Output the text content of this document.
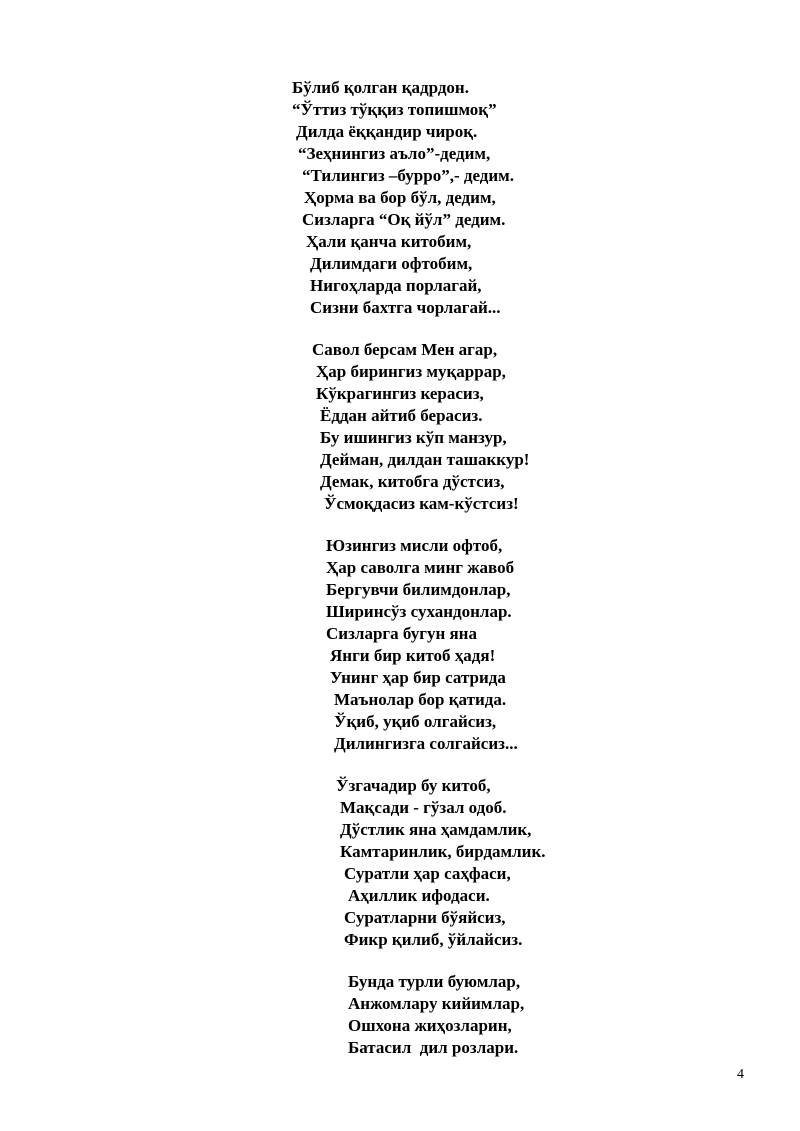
Бўлиб қолган қадрдон.
“Ўттиз тўққиз топишмоқ”
Дилда ёққандир чироқ.
“Зеҳнингиз аъло”-дедим,
“Тилингиз –бурро”,- дедим.
Ҳорма ва бор бўл, дедим,
Сизларга “Оқ йўл” дедим.
Ҳали қанча китобим,
Дилимдаги офтобим,
Нигоҳларда порлагай,
Сизни бахтга чорлагай...
Савол берсам Мен агар,
Ҳар бирингиз муқаррар,
Кўкрагингиз керасиз,
Ёддан айтиб берасиз.
Бу ишингиз кўп манзур,
Дейман, дилдан ташаккур!
Демак, китобга дўстсиз,
Ўсмоқдасиз кам-кўстсиз!
Юзингиз мисли офтоб,
Ҳар саволга минг жавоб
Бергувчи билимдонлар,
Ширинсўз сухандонлар.
Сизларга бугун яна
Янги бир китоб ҳадя!
Унинг ҳар бир сатрида
Маънолар бор қатида.
Ўқиб, уқиб олгайсиз,
Дилингизга солгайсиз...
Ўзгачадир бу китоб,
Мақсади - гўзал одоб.
Дўстлик яна ҳамдамлик,
Камтаринлик, бирдамлик.
Суратли ҳар саҳфаси,
Аҳиллик ифодаси.
Суратларни бўяйсиз,
Фикр қилиб, ўйлайсиз.
Бунда турли буюмлар,
Анжомлару кийимлар,
Ошхона жиҳозларин,
Батасил  дил розлари.
4
